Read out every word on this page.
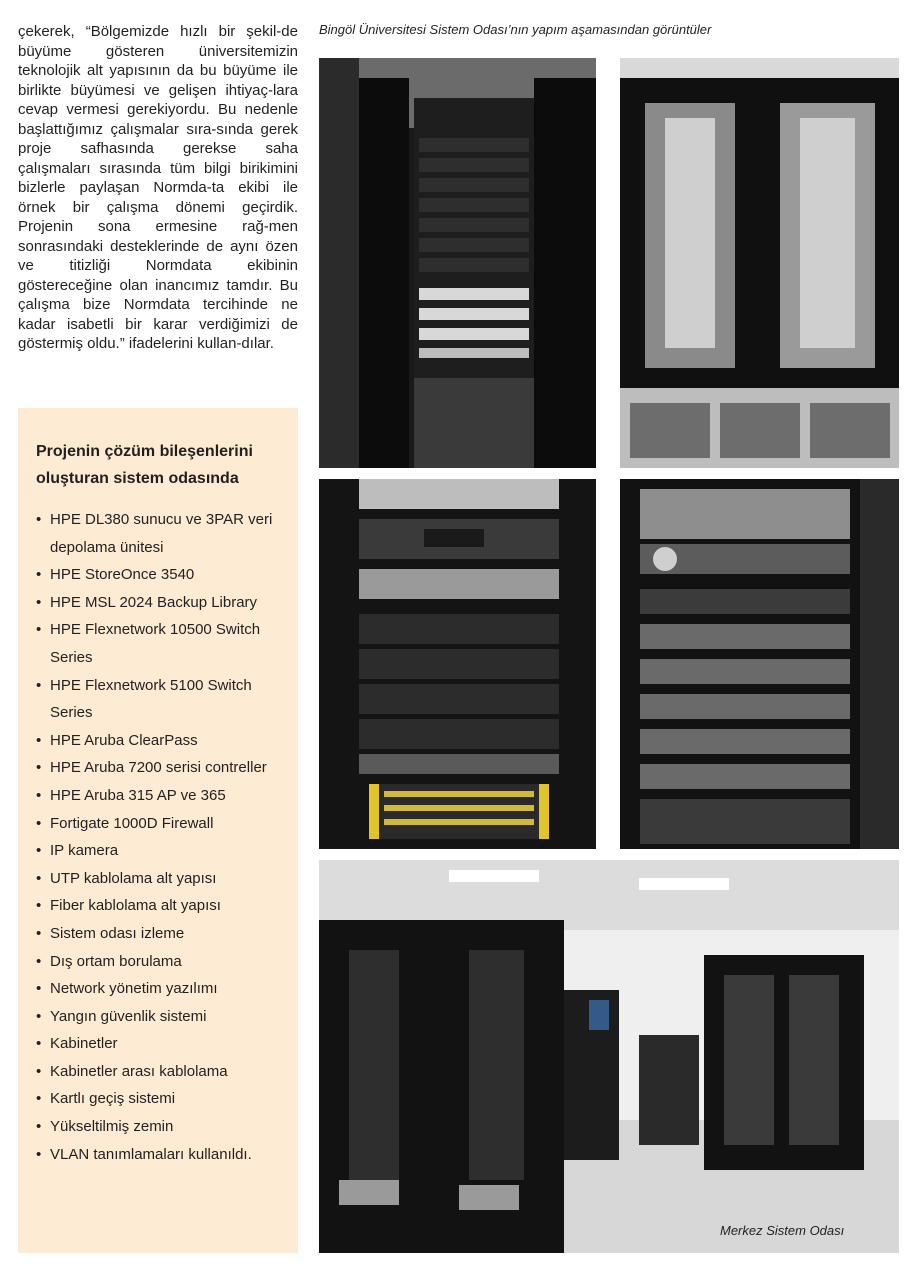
çekerek, “Bölgemizde hızlı bir şekil-de büyüme gösteren üniversitemizin teknolojik alt yapısının da bu büyüme ile birlikte büyümesi ve gelişen ihtiyaç-lara cevap vermesi gerekiyordu. Bu nedenle başlattığımız çalışmalar sıra-sında gerek proje safhasında gerekse saha çalışmaları sırasında tüm bilgi birikimini bizlerle paylaşan Normda-ta ekibi ile örnek bir çalışma dönemi geçirdik. Projenin sona ermesine rağ-men sonrasındaki desteklerinde de aynı özen ve titizliği Normdata ekibinin göstereceğine olan inancımız tamdır. Bu çalışma bize Normdata tercihinde ne kadar isabetli bir karar verdiğimizi de göstermiş oldu.” ifadelerini kullan-dılar.

Projenin çözüm bileşenlerini oluşturan sistem odasında
• HPE DL380 sunucu ve 3PAR veri depolama ünitesi
• HPE StoreOnce 3540
• HPE MSL 2024 Backup Library
• HPE Flexnetwork 10500 Switch Series
• HPE Flexnetwork 5100 Switch Series
• HPE Aruba ClearPass
• HPE Aruba 7200 serisi contreller
• HPE Aruba 315 AP ve 365
• Fortigate 1000D Firewall
• IP kamera
• UTP kablolama alt yapısı
• Fiber kablolama alt yapısı
• Sistem odası izleme
• Dış ortam borulama
• Network yönetim yazılımı
• Yangın güvenlik sistemi
• Kabinetler
• Kabinetler arası kablolama
• Kartlı geçiş sistemi
• Yükseltilmiş zemin
• VLAN tanımlamaları kullanıldı.
Bingöl Üniversitesi Sistem Odası’nın yapım aşamasından görüntüler
Merkez Sistem Odası
